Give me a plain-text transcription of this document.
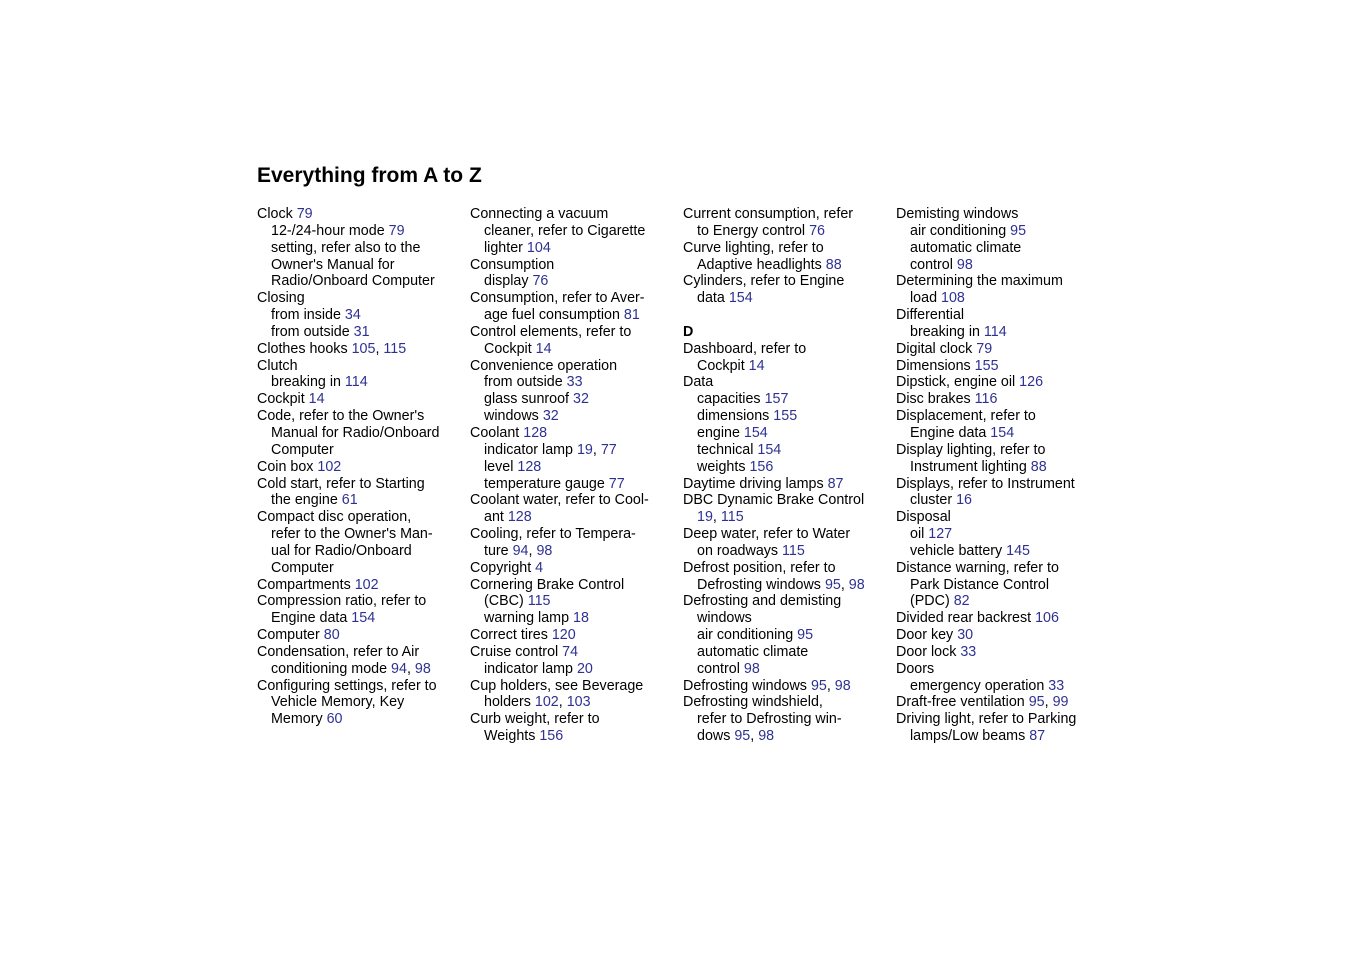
Everything from A to Z
Clock 79
12-/24-hour mode 79
setting, refer also to the
Owner's Manual for
Radio/Onboard Computer
Closing
from inside 34
from outside 31
Clothes hooks 105, 115
Clutch
breaking in 114
Cockpit 14
Code, refer to the Owner's
Manual for Radio/Onboard
Computer
Coin box 102
Cold start, refer to Starting
the engine 61
Compact disc operation,
refer to the Owner's Man-
ual for Radio/Onboard
Computer
Compartments 102
Compression ratio, refer to
Engine data 154
Computer 80
Condensation, refer to Air
conditioning mode 94, 98
Configuring settings, refer to
Vehicle Memory, Key
Memory 60
Connecting a vacuum
cleaner, refer to Cigarette
lighter 104
Consumption
display 76
Consumption, refer to Aver-
age fuel consumption 81
Control elements, refer to
Cockpit 14
Convenience operation
from outside 33
glass sunroof 32
windows 32
Coolant 128
indicator lamp 19, 77
level 128
temperature gauge 77
Coolant water, refer to Cool-
ant 128
Cooling, refer to Tempera-
ture 94, 98
Copyright 4
Cornering Brake Control
(CBC) 115
warning lamp 18
Correct tires 120
Cruise control 74
indicator lamp 20
Cup holders, see Beverage
holders 102, 103
Curb weight, refer to
Weights 156
Current consumption, refer
to Energy control 76
Curve lighting, refer to
Adaptive headlights 88
Cylinders, refer to Engine
data 154
D
Dashboard, refer to
Cockpit 14
Data
capacities 157
dimensions 155
engine 154
technical 154
weights 156
Daytime driving lamps 87
DBC Dynamic Brake Control
19, 115
Deep water, refer to Water
on roadways 115
Defrost position, refer to
Defrosting windows 95, 98
Defrosting and demisting
windows
air conditioning 95
automatic climate
control 98
Defrosting windows 95, 98
Defrosting windshield,
refer to Defrosting win-
dows 95, 98
Demisting windows
air conditioning 95
automatic climate
control 98
Determining the maximum
load 108
Differential
breaking in 114
Digital clock 79
Dimensions 155
Dipstick, engine oil 126
Disc brakes 116
Displacement, refer to
Engine data 154
Display lighting, refer to
Instrument lighting 88
Displays, refer to Instrument
cluster 16
Disposal
oil 127
vehicle battery 145
Distance warning, refer to
Park Distance Control
(PDC) 82
Divided rear backrest 106
Door key 30
Door lock 33
Doors
emergency operation 33
Draft-free ventilation 95, 99
Driving light, refer to Parking
lamps/Low beams 87
